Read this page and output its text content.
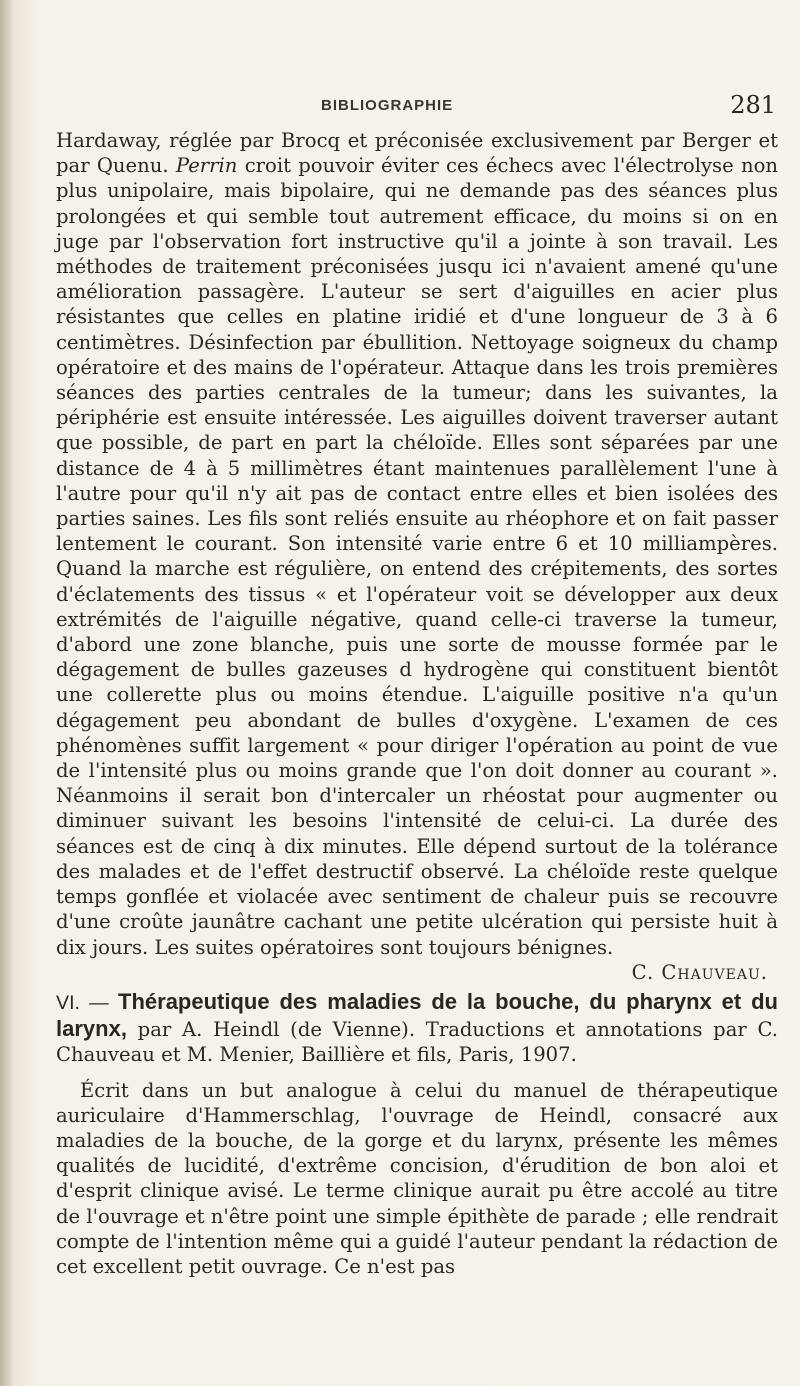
BIBLIOGRAPHIE	281

Hardaway, réglée par Brocq et préconisée exclusivement par Berger et par Quenu. Perrin croit pouvoir éviter ces échecs avec l'électrolyse non plus unipolaire, mais bipolaire, qui ne demande pas des séances plus prolongées et qui semble tout autrement efficace, du moins si on en juge par l'observation fort instructive qu'il a jointe à son travail. Les méthodes de traitement préconisées jusqu ici n'avaient amené qu'une amélioration passagère. L'auteur se sert d'aiguilles en acier plus résistantes que celles en platine iridié et d'une longueur de 3 à 6 centimètres. Désinfection par ébullition. Nettoyage soigneux du champ opératoire et des mains de l'opérateur. Attaque dans les trois premières séances des parties centrales de la tumeur; dans les suivantes, la périphérie est ensuite intéressée. Les aiguilles doivent traverser autant que possible, de part en part la chéloïde. Elles sont séparées par une distance de 4 à 5 millimètres étant maintenues parallèlement l'une à l'autre pour qu'il n'y ait pas de contact entre elles et bien isolées des parties saines. Les fils sont reliés ensuite au rhéophore et on fait passer lentement le courant. Son intensité varie entre 6 et 10 milliampères. Quand la marche est régulière, on entend des crépitements, des sortes d'éclatements des tissus « et l'opérateur voit se développer aux deux extrémités de l'aiguille négative, quand celle-ci traverse la tumeur, d'abord une zone blanche, puis une sorte de mousse formée par le dégagement de bulles gazeuses d hydrogène qui constituent bientôt une collerette plus ou moins étendue. L'aiguille positive n'a qu'un dégagement peu abondant de bulles d'oxygène. L'examen de ces phénomènes suffit largement « pour diriger l'opération au point de vue de l'intensité plus ou moins grande que l'on doit donner au courant ». Néanmoins il serait bon d'intercaler un rhéostat pour augmenter ou diminuer suivant les besoins l'intensité de celui-ci. La durée des séances est de cinq à dix minutes. Elle dépend surtout de la tolérance des malades et de l'effet destructif observé. La chéloïde reste quelque temps gonflée et violacée avec sentiment de chaleur puis se recouvre d'une croûte jaunâtre cachant une petite ulcération qui persiste huit à dix jours. Les suites opératoires sont toujours bénignes.

C. Chauveau.

VI. — Thérapeutique des maladies de la bouche, du pharynx et du larynx, par A. Heindl (de Vienne). Traductions et annotations par C. Chauveau et M. Menier, Baillière et fils, Paris, 1907.

Écrit dans un but analogue à celui du manuel de thérapeutique auriculaire d'Hammerschlag, l'ouvrage de Heindl, consacré aux maladies de la bouche, de la gorge et du larynx, présente les mêmes qualités de lucidité, d'extrême concision, d'érudition de bon aloi et d'esprit clinique avisé. Le terme clinique aurait pu être accolé au titre de l'ouvrage et n'être point une simple épithète de parade ; elle rendrait compte de l'intention même qui a guidé l'auteur pendant la rédaction de cet excellent petit ouvrage. Ce n'est pas
